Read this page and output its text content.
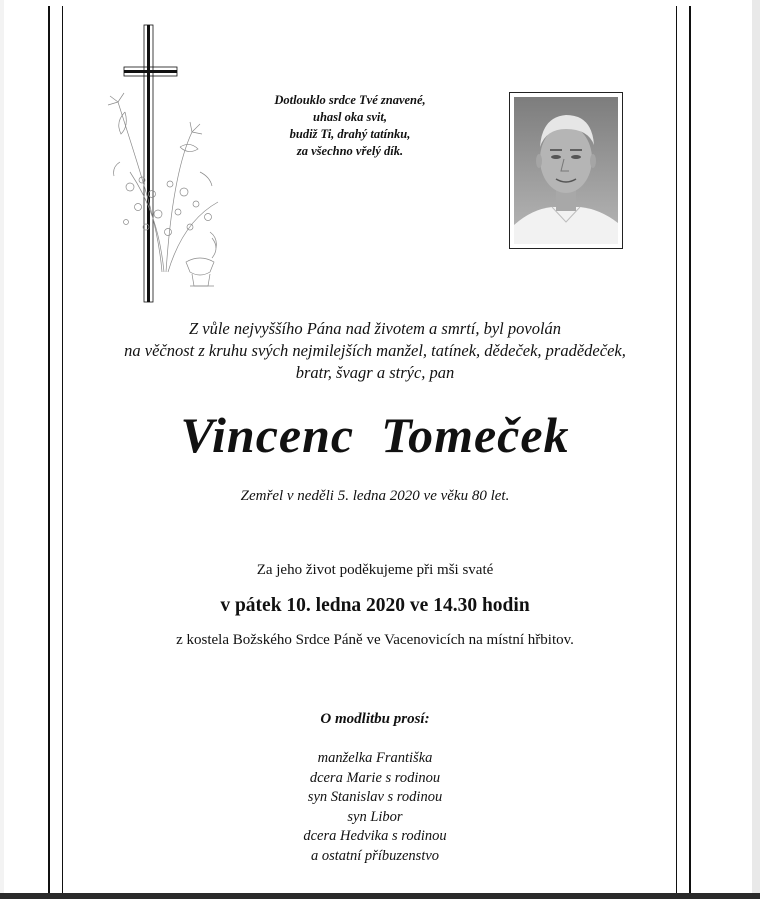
Dotlouklo srdce Tvé znavené,
uhasl oka svit,
budiž Ti, drahý tatínku,
za všechno vřelý dík.
Z vůle nejvyššího Pána nad životem a smrtí, byl povolán
na věčnost z kruhu svých nejmilejších manžel, tatínek, dědeček, pradědeček,
bratr, švagr a strýc, pan
Vincenc  Tomeček
Zemřel v neděli 5. ledna 2020 ve věku 80 let.
Za jeho život poděkujeme při mši svaté
v pátek 10. ledna 2020 ve 14.30 hodin
z kostela Božského Srdce Páně ve Vacenovicích na místní hřbitov.
O modlitbu prosí:
manželka Františka
dcera Marie s rodinou
syn Stanislav s rodinou
syn Libor
dcera Hedvika s rodinou
a ostatní příbuzenstvo
